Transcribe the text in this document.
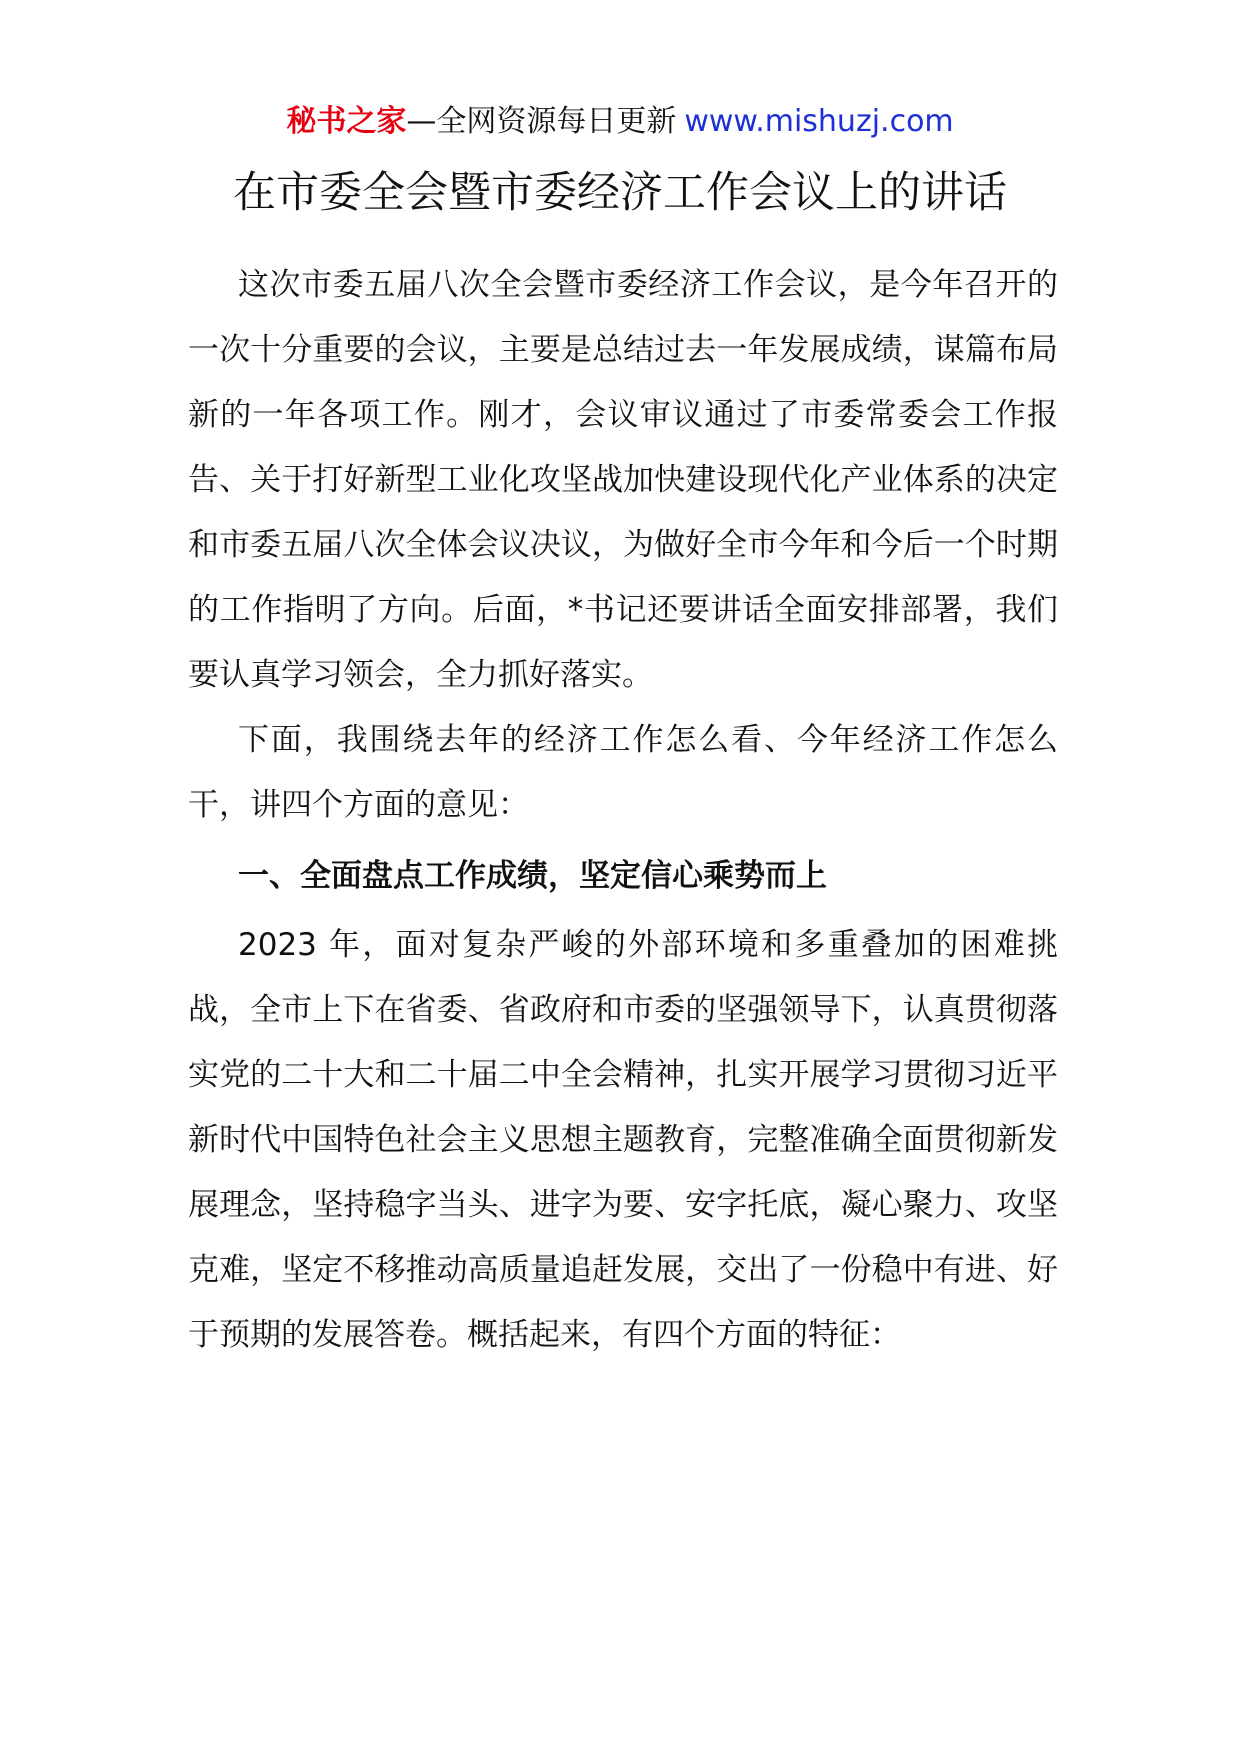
秘书之家—全网资源每日更新 www.mishuzj.com
在市委全会暨市委经济工作会议上的讲话

这次市委五届八次全会暨市委经济工作会议，是今年召开的一次十分重要的会议，主要是总结过去一年发展成绩，谋篇布局新的一年各项工作。刚才，会议审议通过了市委常委会工作报告、关于打好新型工业化攻坚战加快建设现代化产业体系的决定和市委五届八次全体会议决议，为做好全市今年和今后一个时期的工作指明了方向。后面，*书记还要讲话全面安排部署，我们要认真学习领会，全力抓好落实。

下面，我围绕去年的经济工作怎么看、今年经济工作怎么干，讲四个方面的意见：

一、全面盘点工作成绩，坚定信心乘势而上

2023 年，面对复杂严峻的外部环境和多重叠加的困难挑战，全市上下在省委、省政府和市委的坚强领导下，认真贯彻落实党的二十大和二十届二中全会精神，扎实开展学习贯彻习近平新时代中国特色社会主义思想主题教育，完整准确全面贯彻新发展理念，坚持稳字当头、进字为要、安字托底，凝心聚力、攻坚克难，坚定不移推动高质量追赶发展，交出了一份稳中有进、好于预期的发展答卷。概括起来，有四个方面的特征：
